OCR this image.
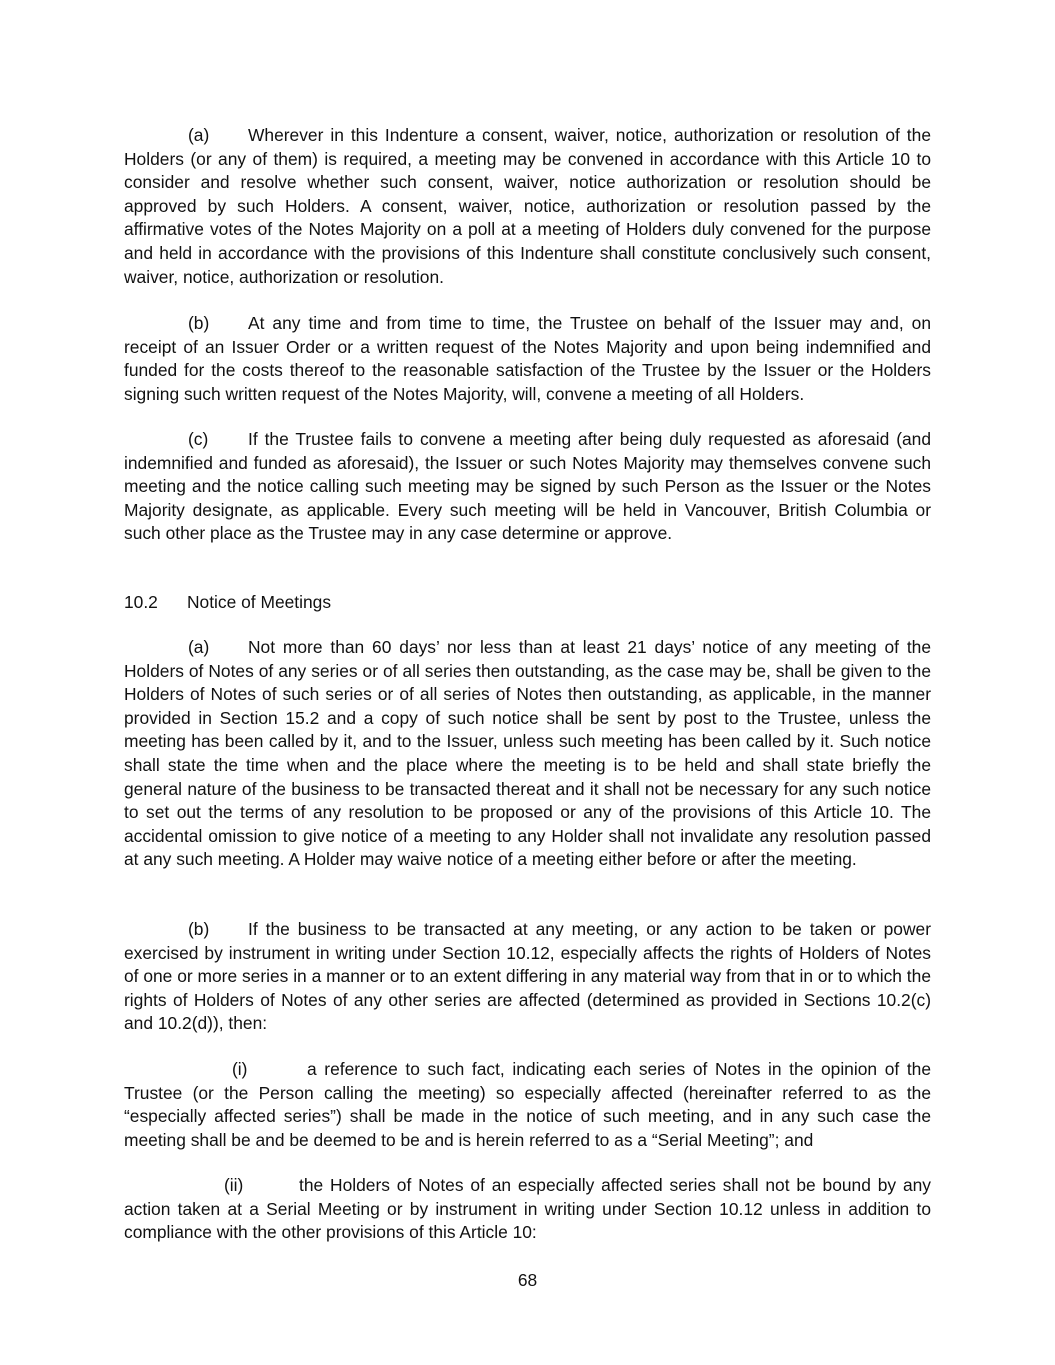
(a) Wherever in this Indenture a consent, waiver, notice, authorization or resolution of the Holders (or any of them) is required, a meeting may be convened in accordance with this Article 10 to consider and resolve whether such consent, waiver, notice authorization or resolution should be approved by such Holders. A consent, waiver, notice, authorization or resolution passed by the affirmative votes of the Notes Majority on a poll at a meeting of Holders duly convened for the purpose and held in accordance with the provisions of this Indenture shall constitute conclusively such consent, waiver, notice, authorization or resolution.

(b) At any time and from time to time, the Trustee on behalf of the Issuer may and, on receipt of an Issuer Order or a written request of the Notes Majority and upon being indemnified and funded for the costs thereof to the reasonable satisfaction of the Trustee by the Issuer or the Holders signing such written request of the Notes Majority, will, convene a meeting of all Holders.

(c) If the Trustee fails to convene a meeting after being duly requested as aforesaid (and indemnified and funded as aforesaid), the Issuer or such Notes Majority may themselves convene such meeting and the notice calling such meeting may be signed by such Person as the Issuer or the Notes Majority designate, as applicable. Every such meeting will be held in Vancouver, British Columbia or such other place as the Trustee may in any case determine or approve.

10.2 Notice of Meetings

(a) Not more than 60 days’ nor less than at least 21 days’ notice of any meeting of the Holders of Notes of any series or of all series then outstanding, as the case may be, shall be given to the Holders of Notes of such series or of all series of Notes then outstanding, as applicable, in the manner provided in Section 15.2 and a copy of such notice shall be sent by post to the Trustee, unless the meeting has been called by it, and to the Issuer, unless such meeting has been called by it. Such notice shall state the time when and the place where the meeting is to be held and shall state briefly the general nature of the business to be transacted thereat and it shall not be necessary for any such notice to set out the terms of any resolution to be proposed or any of the provisions of this Article 10. The accidental omission to give notice of a meeting to any Holder shall not invalidate any resolution passed at any such meeting. A Holder may waive notice of a meeting either before or after the meeting.

(b) If the business to be transacted at any meeting, or any action to be taken or power exercised by instrument in writing under Section 10.12, especially affects the rights of Holders of Notes of one or more series in a manner or to an extent differing in any material way from that in or to which the rights of Holders of Notes of any other series are affected (determined as provided in Sections 10.2(c) and 10.2(d)), then:

(i)	a reference to such fact, indicating each series of Notes in the opinion of the Trustee (or the Person calling the meeting) so especially affected (hereinafter referred to as the “especially affected series”) shall be made in the notice of such meeting, and in any such case the meeting shall be and be deemed to be and is herein referred to as a “Serial Meeting”; and

(ii)	the Holders of Notes of an especially affected series shall not be bound by any action taken at a Serial Meeting or by instrument in writing under Section 10.12 unless in addition to compliance with the other provisions of this Article 10:

68
